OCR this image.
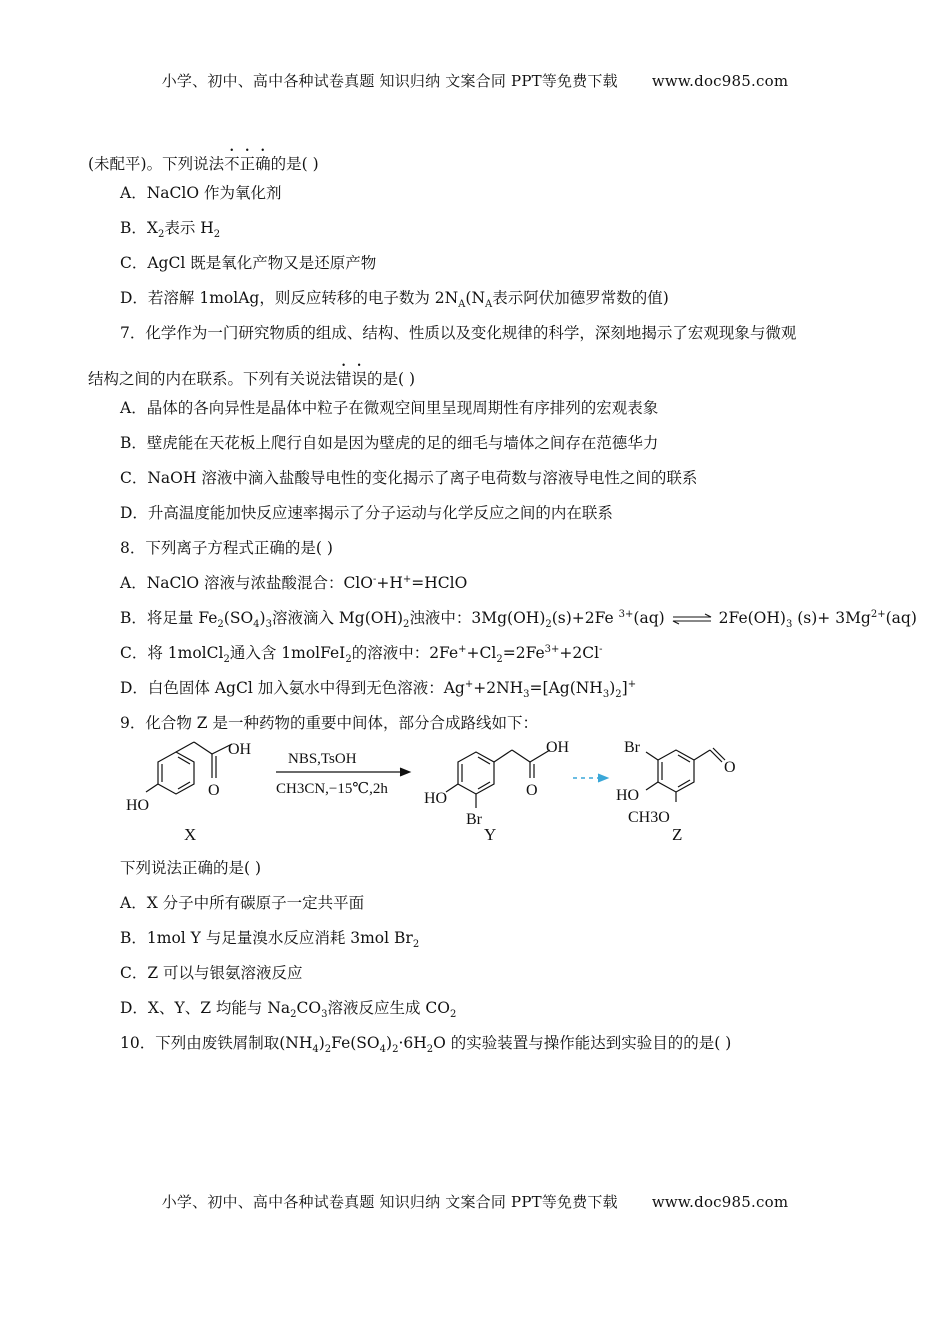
小学、初中、高中各种试卷真题 知识归纳 文案合同 PPT等免费下载 www.doc985.com
(未配平)。下列说法不正确的是( )
A．NaClO 作为氧化剂
B．$X_2$表示 $H_2$
C．AgCl 既是氧化产物又是还原产物
D．若溶解 1molAg，则反应转移的电子数为 $2N_A(N_A$表示阿伏加德罗常数的值)
7．化学作为一门研究物质的组成、结构、性质以及变化规律的科学，深刻地揭示了宏观现象与微观
结构之间的内在联系。下列有关说法错误的是( )
A．晶体的各向异性是晶体中粒子在微观空间里呈现周期性有序排列的宏观表象
B．壁虎能在天花板上爬行自如是因为壁虎的足的细毛与墙体之间存在范德华力
C．NaOH 溶液中滴入盐酸导电性的变化揭示了离子电荷数与溶液导电性之间的联系
D．升高温度能加快反应速率揭示了分子运动与化学反应之间的内在联系
8．下列离子方程式正确的是( )
A．NaClO 溶液与浓盐酸混合：ClO-+H+=HClO
B．将足量 $Fe_2(SO_4)_3$溶液滴入 $Mg(OH)_2$浊液中：$3Mg(OH)_2(s)+2Fe$ $^{3+}$(aq) ⇌ $2Fe(OH)_3$ $(s)+ 3Mg^{2+}(aq)$
C．将 1molCl$_2$通入含 1molFeI$_2$的溶液中：$2Fe^++Cl_2=2Fe^{3+}+2Cl^-$
D．白色固体 AgCl 加入氨水中得到无色溶液：$Ag^++2NH_3=[Ag(NH_3)_2]^+$
9．化合物 Z 是一种药物的重要中间体，部分合成路线如下：
HO
OH
O
X
NBS,TsOH
CH3CN,−15℃,2h
HO
OH
O
Br
Y
Br
HO
O
CH3O
Z
下列说法正确的是( )
A．X 分子中所有碳原子一定共平面
B．1mol Y 与足量溴水反应消耗 3mol $Br_2$
C．Z 可以与银氨溶液反应
D．X、Y、Z 均能与 $Na_2CO_3$溶液反应生成 $CO_2$
10．下列由废铁屑制取$(NH_4)_2Fe(SO_4)_2\cdot 6H_2O$ 的实验装置与操作能达到实验目的的是( )
小学、初中、高中各种试卷真题 知识归纳 文案合同 PPT等免费下载 www.doc985.com
